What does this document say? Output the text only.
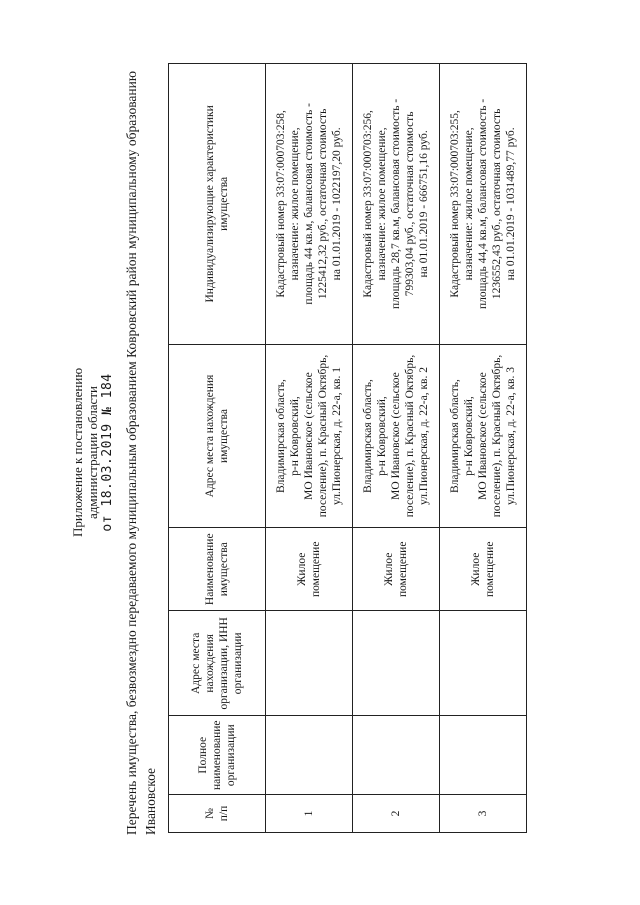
Приложение к постановлению администрации области от 18.03.2019 № 184 Перечень имущества, безвозмездно передаваемого муниципальным образованием Ковровский район муниципальному образованию Ивановское	№ п/п	Полное наименование организации	Адрес места нахождения организации, ИНН организации	Наименование имущества	Адрес места нахождения имущества	Индивидуализирующие характеристики имущества

1			Жилое помещение	Владимирская область, р-н Ковровский, МО Ивановское (сельское поселение), п. Красный Октябрь, ул.Пионерская, д. 22-а, кв. 1	Кадастровый номер 33:07:000703:258, назначение: жилое помещение, площадь 44 кв.м, балансовая стоимость - 1225412,32 руб., остаточная стоимость на 01.01.2019 - 1022197,20 руб.

2			Жилое помещение	Владимирская область, р-н Ковровский, МО Ивановское (сельское поселение), п. Красный Октябрь, ул.Пионерская, д. 22-а, кв. 2	Кадастровый номер 33:07:000703:256, назначение: жилое помещение, площадь 28,7 кв.м, балансовая стоимость - 799303,04 руб., остаточная стоимость на 01.01.2019 - 666751,16 руб.

3			Жилое помещение	Владимирская область, р-н Ковровский, МО Ивановское (сельское поселение), п. Красный Октябрь, ул.Пионерская, д. 22-а, кв. 3	Кадастровый номер 33:07:000703:255, назначение: жилое помещение, площадь 44,4 кв.м, балансовая стоимость - 1236552,43 руб., остаточная стоимость на 01.01.2019 - 1031489,77 руб.
